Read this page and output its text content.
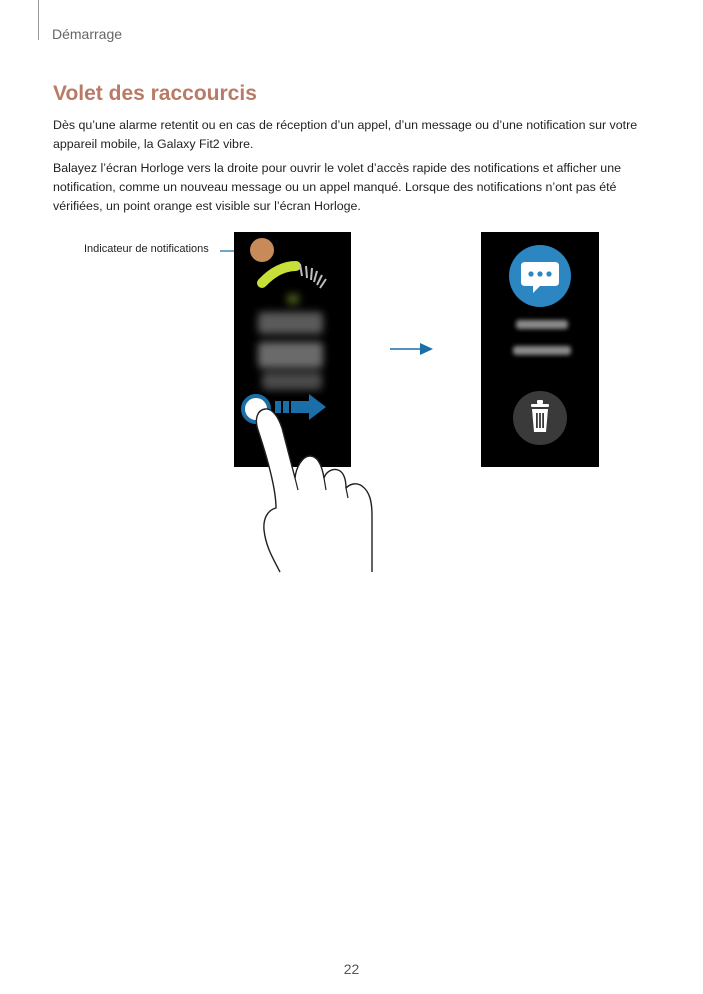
Démarrage
Volet des raccourcis

Dès qu’une alarme retentit ou en cas de réception d’un appel, d’un message ou d’une notification sur votre appareil mobile, la Galaxy Fit2 vibre.

Balayez l’écran Horloge vers la droite pour ouvrir le volet d’accès rapide des notifications et afficher une notification, comme un nouveau message ou un appel manqué. Lorsque des notifications n’ont pas été vérifiées, un point orange est visible sur l’écran Horloge.

Indicateur de notifications
22
